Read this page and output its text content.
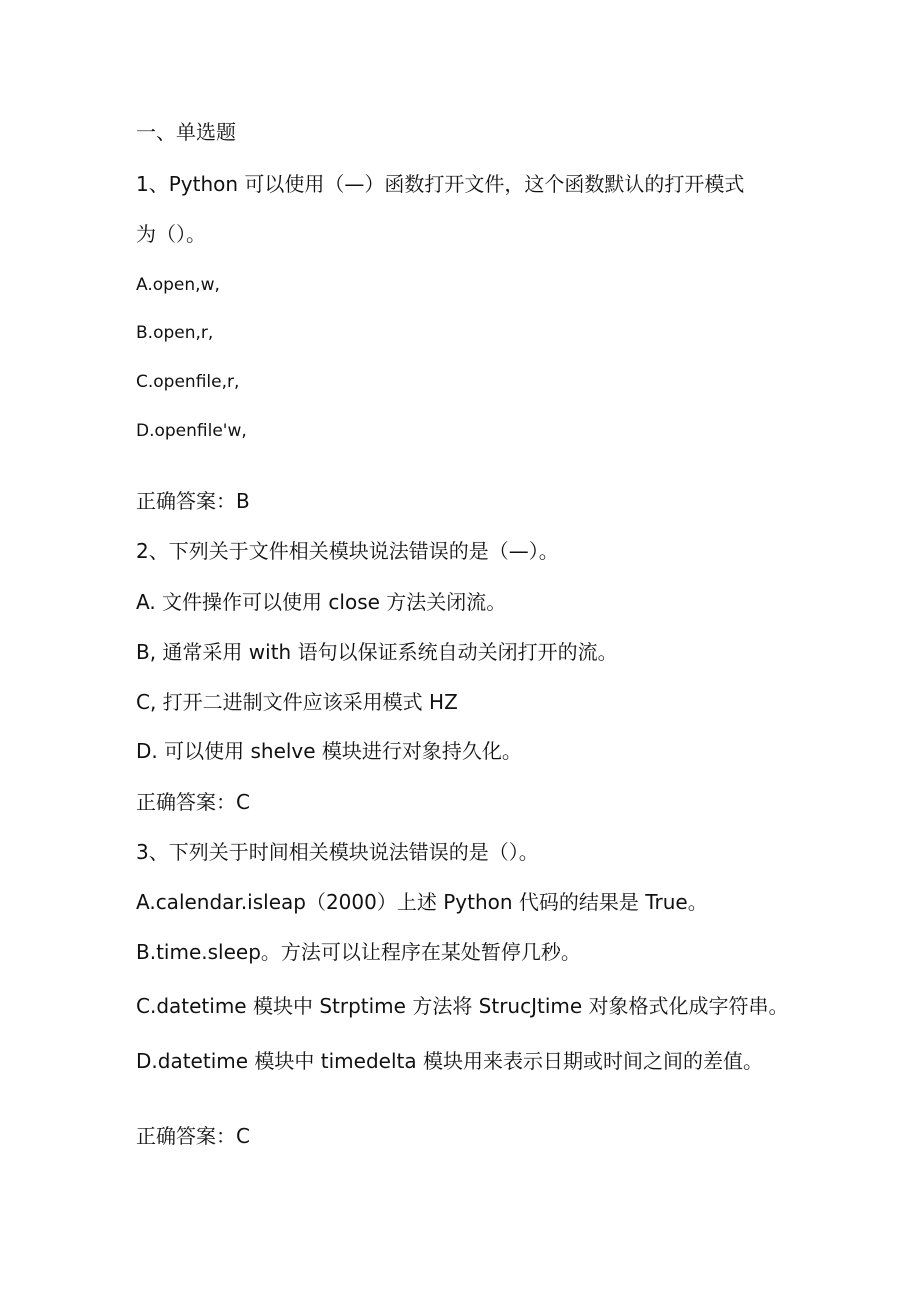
一、单选题
1、Python 可以使用（—）函数打开文件，这个函数默认的打开模式
为（）。
A.open,w,
B.open,r,
C.openfile,r,
D.openfile'w,
正确答案：B
2、下列关于文件相关模块说法错误的是（—）。
A. 文件操作可以使用 close 方法关闭流。
B, 通常采用 with 语句以保证系统自动关闭打开的流。
C, 打开二进制文件应该采用模式 HZ
D. 可以使用 shelve 模块进行对象持久化。
正确答案：C
3、下列关于时间相关模块说法错误的是（）。
A.calendar.isleap（2000）上述 Python 代码的结果是 True。
B.time.sleep。方法可以让程序在某处暂停几秒。
C.datetime 模块中 Strptime 方法将 StrucJtime 对象格式化成字符串。
D.datetime 模块中 timedelta 模块用来表示日期或时间之间的差值。
正确答案：C
